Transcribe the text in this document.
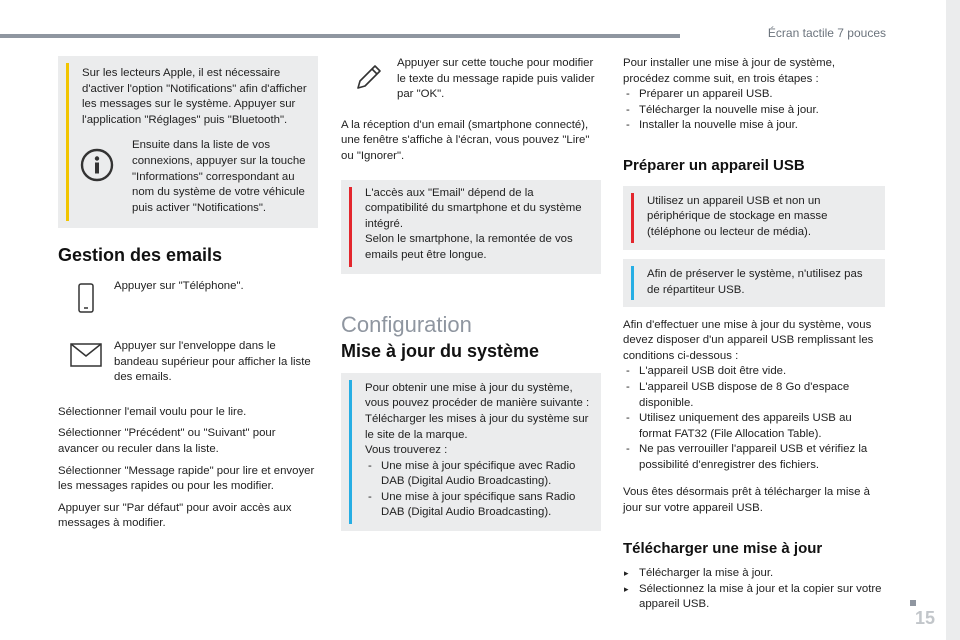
Écran tactile 7 pouces
15

Sur les lecteurs Apple, il est nécessaire d'activer l'option "Notifications" afin d'afficher les messages sur le système. Appuyer sur l'application "Réglages" puis "Bluetooth".

Ensuite dans la liste de vos connexions, appuyer sur la touche "Informations" correspondant au nom du système de votre véhicule puis activer "Notifications".

Gestion des emails

Appuyer sur "Téléphone".

Appuyer sur l'enveloppe dans le bandeau supérieur pour afficher la liste des emails.

Sélectionner l'email voulu pour le lire.

Sélectionner "Précédent" ou "Suivant" pour avancer ou reculer dans la liste.

Sélectionner "Message rapide" pour lire et envoyer les messages rapides ou pour les modifier.

Appuyer sur "Par défaut" pour avoir accès aux messages à modifier.

Appuyer sur cette touche pour modifier le texte du message rapide puis valider par "OK".

A la réception d'un email (smartphone connecté), une fenêtre s'affiche à l'écran, vous pouvez "Lire" ou "Ignorer".

L'accès aux "Email" dépend de la compatibilité du smartphone et du système intégré.

Selon le smartphone, la remontée de vos emails peut être longue.

Configuration
Mise à jour du système

Pour obtenir une mise à jour du système, vous pouvez procéder de manière suivante :

Télécharger les mises à jour du système sur le site de la marque.

Vous trouverez :

- Une mise à jour spécifique avec Radio DAB (Digital Audio Broadcasting).
- Une mise à jour spécifique sans Radio DAB (Digital Audio Broadcasting).

Pour installer une mise à jour de système, procédez comme suit, en trois étapes :

- Préparer un appareil USB.
- Télécharger la nouvelle mise à jour.
- Installer la nouvelle mise à jour.
Préparer un appareil USB

Utilisez un appareil USB et non un périphérique de stockage en masse (téléphone ou lecteur de média).

Afin de préserver le système, n'utilisez pas de répartiteur USB.

Afin d'effectuer une mise à jour du système, vous devez disposer d'un appareil USB remplissant les conditions ci-dessous :

- L'appareil USB doit être vide.
- L'appareil USB dispose de 8 Go d'espace disponible.
- Utilisez uniquement des appareils USB au format FAT32 (File Allocation Table).
- Ne pas verrouiller l'appareil USB et vérifiez la possibilité d'enregistrer des fichiers.

Vous êtes désormais prêt à télécharger la mise à jour sur votre appareil USB.

Télécharger une mise à jour
▸ Télécharger la mise à jour.
▸ Sélectionnez la mise à jour et la copier sur votre appareil USB.
